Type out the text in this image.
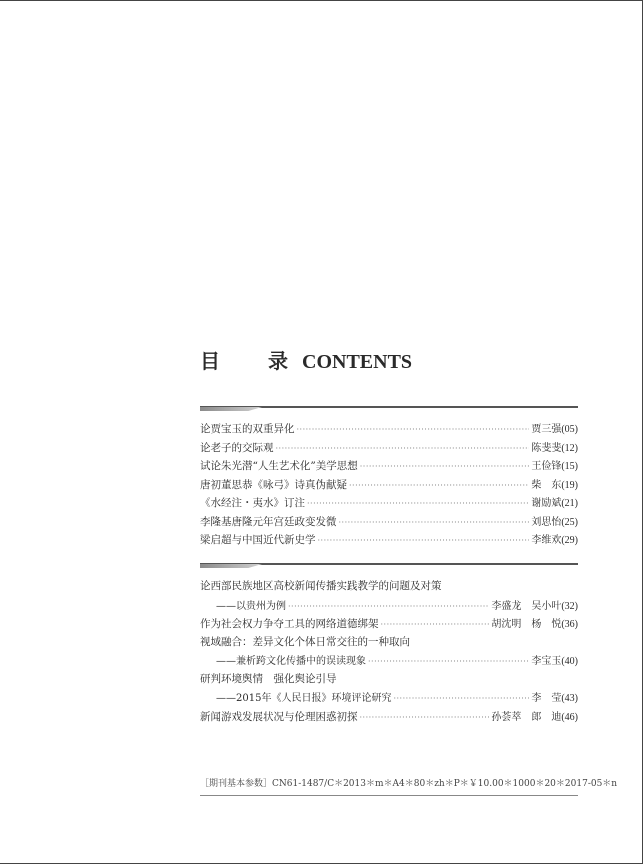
目　录CONTENTS
论贾宝玉的双重异化 ·····	贾三强 (05)
论老子的交际观 ·····	陈斐斐 (12)
试论朱光潜“人生艺术化”美学思想 ·····	王俭锋 (15)
唐初董思恭《咏弓》诗真伪献疑 ·····	柴　东 (19)
《水经注・夷水》订注 ·····	谢励斌 (21)
李隆基唐隆元年宫廷政变发微 ·····	刘思怡 (25)
梁启超与中国近代新史学 ·····	李维欢 (29)
论西部民族地区高校新闻传播实践教学的问题及对策
——以贵州为例 ·····	李盛龙　吴小叶 (32)
作为社会权力争夺工具的网络道德绑架 ·····	胡沈明　杨　悦 (36)
视域融合：差异文化个体日常交往的一种取向
——兼析跨文化传播中的误读现象 ·····	李宝玉 (40)
研判环境舆情　强化舆论引导
——2015年《人民日报》环境评论研究 ·····	李　莹 (43)
新闻游戏发展状况与伦理困惑初探 ·····	孙荟萃　郎　迪 (46)
［期刊基本参数］CN61-1487/C＊2013＊m＊A4＊80＊zh＊P＊￥10.00＊1000＊20＊2017-05＊n
